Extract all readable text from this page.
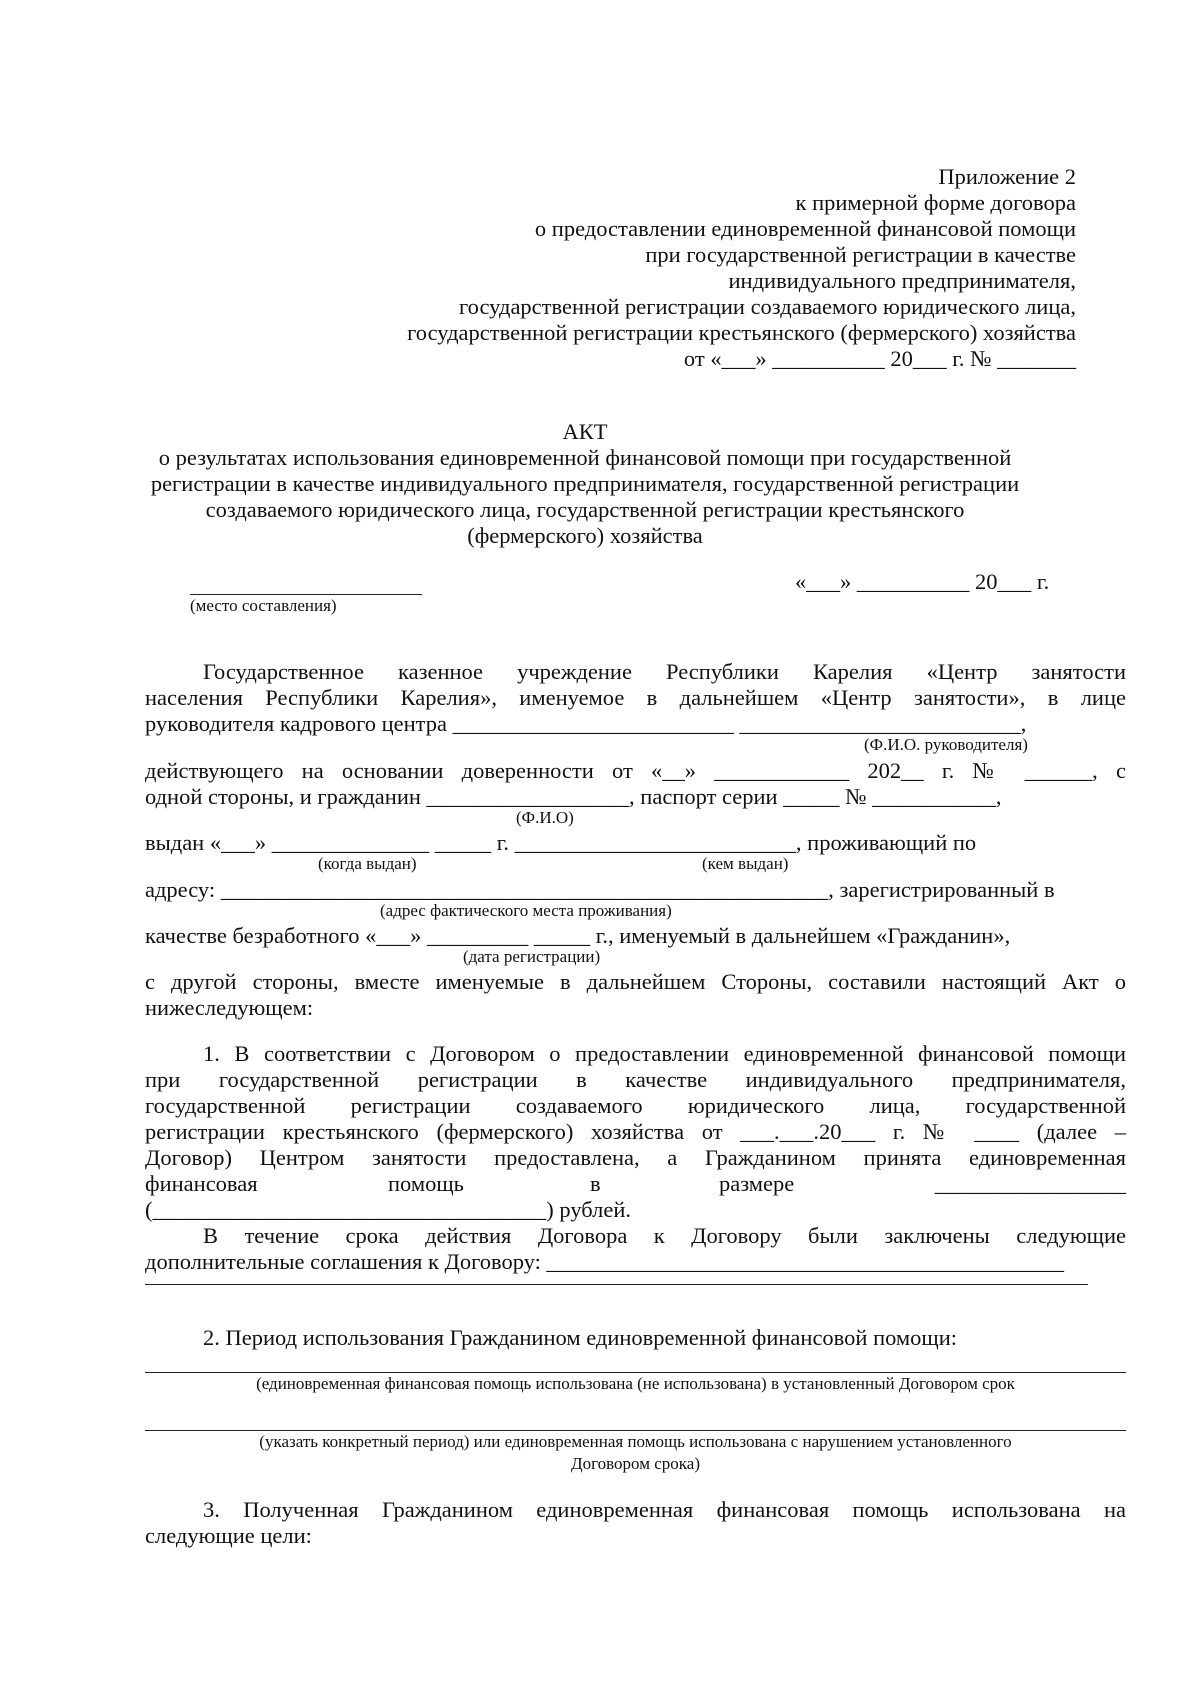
Приложение 2
к примерной форме договора
о предоставлении единовременной финансовой помощи
при государственной регистрации в качестве
индивидуального предпринимателя,
государственной регистрации создаваемого юридического лица,
государственной регистрации крестьянского (фермерского) хозяйства
от «___» __________ 20___ г. № _______
АКТ
о результатах использования единовременной финансовой помощи при государственной
регистрации в качестве индивидуального предпринимателя, государственной регистрации
создаваемого юридического лица, государственной регистрации крестьянского
(фермерского) хозяйства
(место составления)
«___» __________ 20___ г.
Государственное казенное учреждение Республики Карелия «Центр занятости
населения Республики Карелия», именуемое в дальнейшем «Центр занятости», в лице
руководителя кадрового центра _________________________ _________________________,
(Ф.И.О. руководителя)
действующего на основании доверенности от «__» ____________ 202__ г. № ______, с
одной стороны, и гражданин __________________, паспорт серии _____ № ___________,
(Ф.И.О)
выдан «___» ______________ _____ г. _________________________, проживающий по
(когда выдан)	(кем выдан)
адресу: ______________________________________________________, зарегистрированный в
(адрес фактического места проживания)
качестве безработного «___» _________ _____ г., именуемый в дальнейшем «Гражданин»,
(дата регистрации)
с другой стороны, вместе именуемые в дальнейшем Стороны, составили настоящий Акт о
нижеследующем:
1. В соответствии с Договором о предоставлении единовременной финансовой помощи
при государственной регистрации в качестве индивидуального предпринимателя,
государственной регистрации создаваемого юридического лица, государственной
регистрации крестьянского (фермерского) хозяйства от ___.___.20___ г. № ____ (далее –
Договор) Центром занятости предоставлена, а Гражданином принята единовременная
финансовая	помощь	в	размере	_________________
(___________________________________) рублей.
В течение срока действия Договора к Договору были заключены следующие
дополнительные соглашения к Договору: ______________________________________________
2. Период использования Гражданином единовременной финансовой помощи:
(единовременная финансовая помощь использована (не использована) в установленный Договором срок
(указать конкретный период) или единовременная помощь использована с нарушением установленного
Договором срока)
3. Полученная Гражданином единовременная финансовая помощь использована на
следующие цели:
